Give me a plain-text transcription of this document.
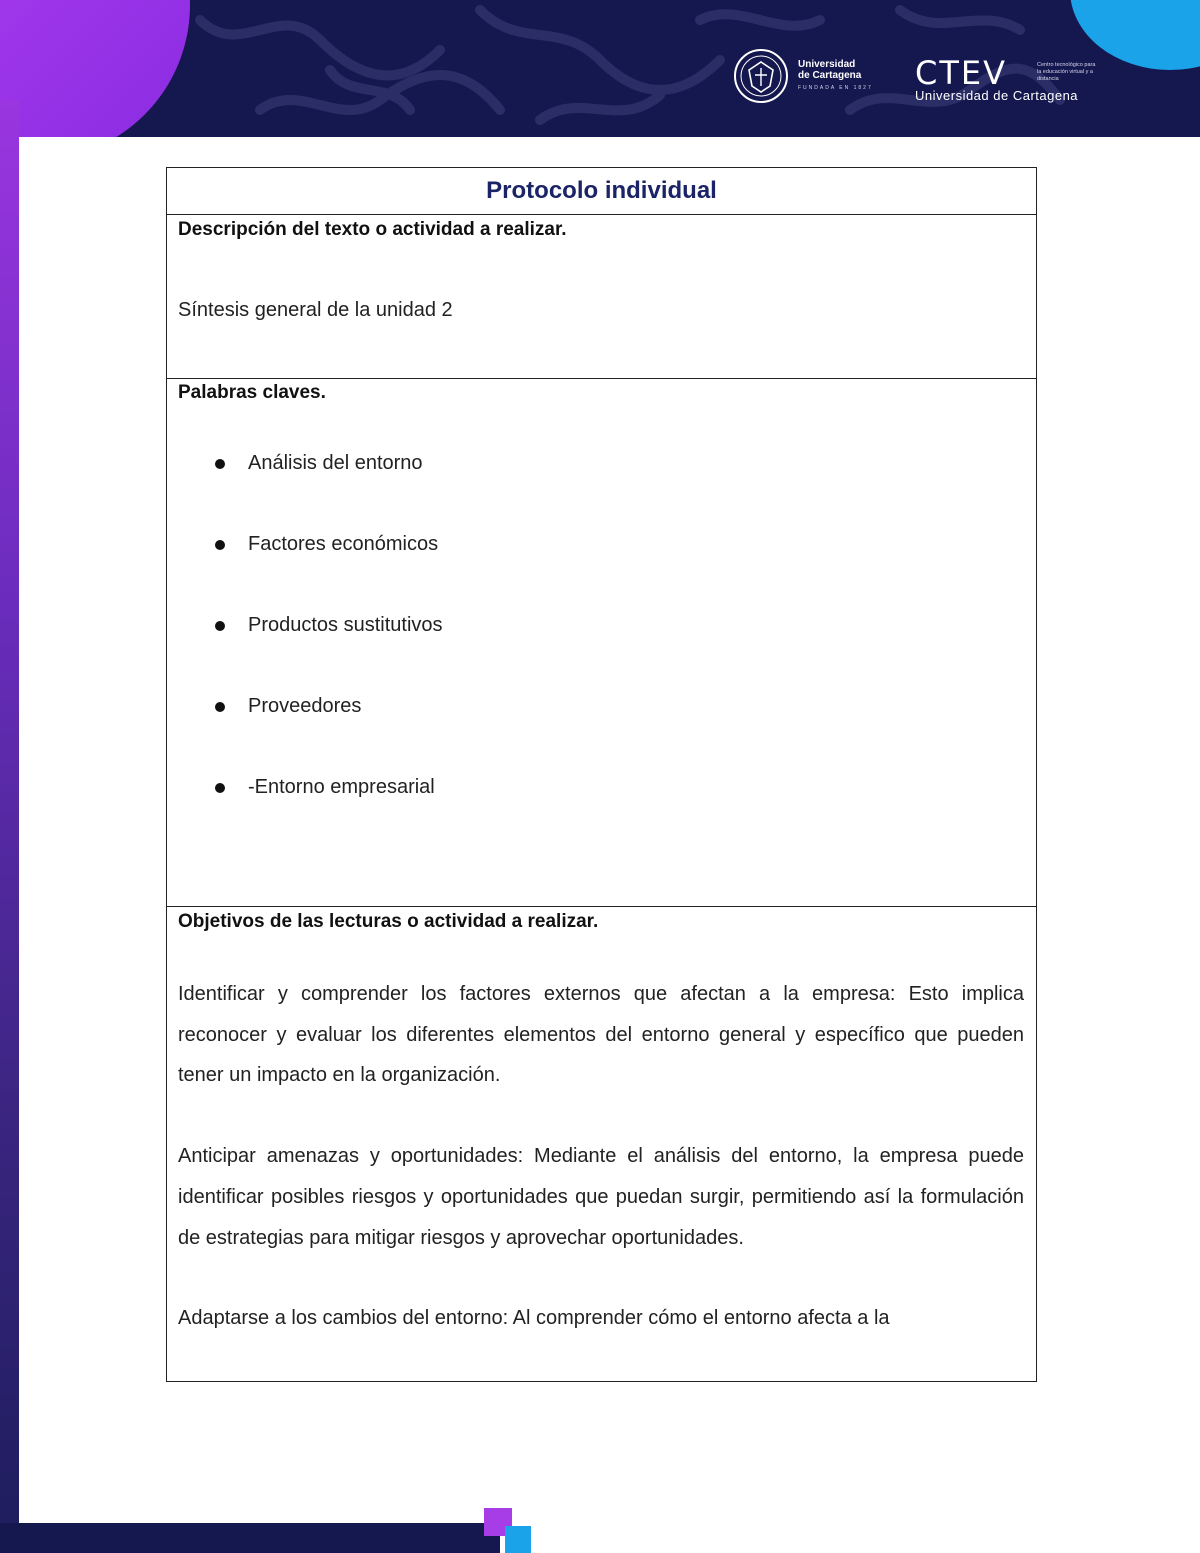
Universidad
de Cartagena
FUNDADA EN 1827 CTEV	Centro tecnológico para la educación virtual y a distancia
Universidad de Cartagena
Protocolo individual

Descripción del texto o actividad a realizar.

Síntesis general de la unidad 2

Palabras claves.

Análisis del entorno
Factores económicos
Productos sustitutivos
Proveedores
-Entorno empresarial

Objetivos de las lecturas o actividad a realizar.

Identificar y comprender los factores externos que afectan a la empresa: Esto implica reconocer y evaluar los diferentes elementos del entorno general y específico que pueden tener un impacto en la organización.

Anticipar amenazas y oportunidades: Mediante el análisis del entorno, la empresa puede identificar posibles riesgos y oportunidades que puedan surgir, permitiendo así la formulación de estrategias para mitigar riesgos y aprovechar oportunidades.

Adaptarse a los cambios del entorno: Al comprender cómo el entorno afecta a la
